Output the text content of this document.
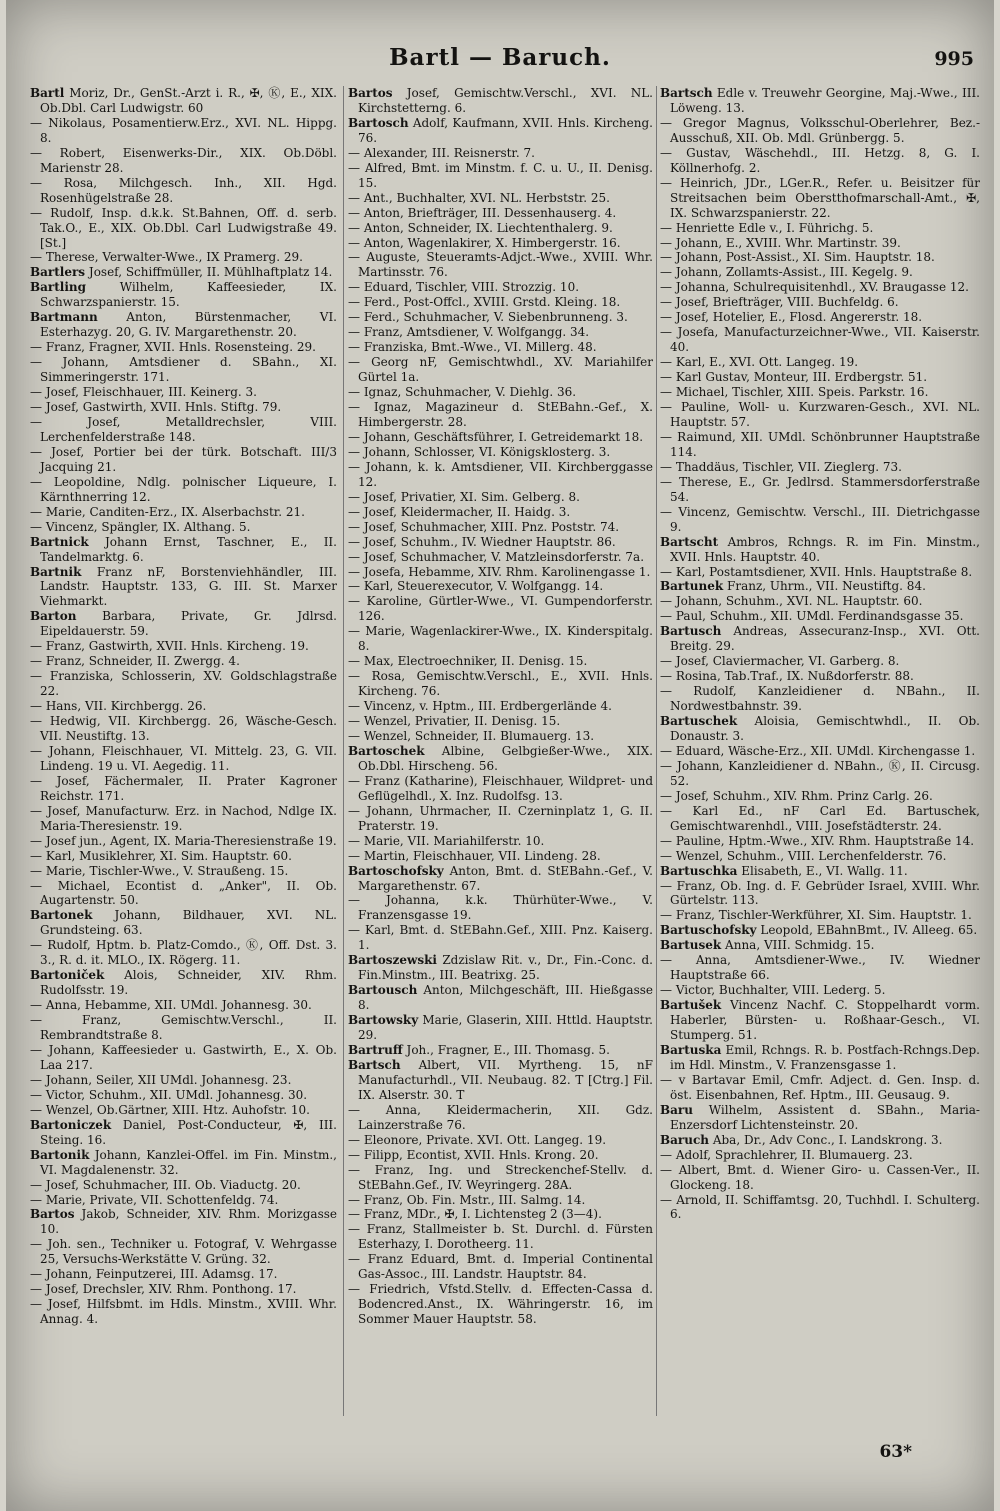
Bartl — Baruch.	995

Bartl Moriz, Dr., GenSt.-Arzt i. R., ✠, Ⓚ, E., XIX. Ob.Dbl. Carl Ludwigstr. 60

— Nikolaus, Posamentierw.Erz., XVI. NL. Hippg. 8.

— Robert, Eisenwerks-Dir., XIX. Ob.Döbl. Marienstr 28.

— Rosa, Milchgesch. Inh., XII. Hgd. Rosenhügelstraße 28.

— Rudolf, Insp. d.k.k. St.Bahnen, Off. d. serb. Tak.O., E., XIX. Ob.Dbl. Carl Ludwigstraße 49. [St.]

— Therese, Verwalter-Wwe., IX Pramerg. 29.

Bartlers Josef, Schiffmüller, II. Mühlhaftplatz 14.

Bartling	Wilhelm, Kaffeesieder, IX. Schwarzspanierstr. 15.

Bartmann Anton, Bürstenmacher, VI. Esterhazyg. 20, G. IV. Margarethenstr. 20.

— Franz, Fragner, XVII. Hnls. Rosensteing. 29.

— Johann, Amtsdiener d. SBahn., XI. Simmeringerstr. 171.

— Josef, Fleischhauer, III. Keinerg. 3.

— Josef, Gastwirth, XVII. Hnls. Stiftg. 79.

— Josef, Metalldrechsler, VIII. Lerchenfelderstraße 148.

— Josef, Portier bei der türk. Botschaft. III/3 Jacquing 21.

— Leopoldine, Ndlg. polnischer Liqueure, I. Kärnthnerring 12.

— Marie, Canditen-Erz., IX. Alserbachstr. 21.

— Vincenz, Spängler, IX. Althang. 5.

Bartnick Johann Ernst, Taschner, E., II. Tandelmarktg. 6.

Bartnik Franz nF, Borstenviehhändler, III. Landstr. Hauptstr. 133, G. III. St. Marxer Viehmarkt.

Barton Barbara, Private, Gr. Jdlrsd. Eipeldauerstr. 59.

— Franz, Gastwirth, XVII. Hnls. Kircheng. 19.

— Franz, Schneider, II. Zwergg. 4.

— Franziska, Schlosserin, XV. Goldschlagstraße 22.

— Hans, VII. Kirchbergg. 26.

— Hedwig, VII. Kirchbergg. 26, Wäsche-Gesch. VII. Neustiftg. 13.

— Johann, Fleischhauer, VI. Mittelg. 23, G. VII. Lindeng. 19 u. VI. Aegedig. 11.

— Josef, Fächermaler, II. Prater Kagroner Reichstr. 171.

— Josef, Manufacturw. Erz. in Nachod, Ndlge IX. Maria-Theresienstr. 19.

— Josef jun., Agent, IX. Maria-Theresienstraße 19.

— Karl, Musiklehrer, XI. Sim. Hauptstr. 60.

— Marie, Tischler-Wwe., V. Straußeng. 15.

— Michael, Econtist d. „Anker", II. Ob. Augartenstr. 50.

Bartonek Johann, Bildhauer, XVI. NL. Grundsteing. 63.

— Rudolf, Hptm. b. Platz-Comdo., Ⓚ, Off. Dst. 3. 3., R. d. it. MLO., IX. Rögerg. 11.

Bartoniček Alois, Schneider, XIV. Rhm. Rudolfsstr. 19.

— Anna, Hebamme, XII. UMdl. Johannesg. 30.

— Franz, Gemischtw.Verschl., II. Rembrandtstraße 8.

— Johann, Kaffeesieder u. Gastwirth, E., X. Ob. Laa 217.

— Johann, Seiler, XII UMdl. Johannesg. 23.

— Victor, Schuhm., XII. UMdl. Johannesg. 30.

— Wenzel, Ob.Gärtner, XIII. Htz. Auhofstr. 10.

Bartoniczek Daniel, Post-Conducteur, ✠, III. Steing. 16.

Bartonik Johann, Kanzlei-Offel. im Fin. Minstm., VI. Magdalenenstr. 32.

— Josef, Schuhmacher, III. Ob. Viaductg. 20.

— Marie, Private, VII. Schottenfeldg. 74.

Bartos Jakob, Schneider, XIV. Rhm. Morizgasse 10.

— Joh. sen., Techniker u. Fotograf, V. Wehrgasse 25, Versuchs-Werkstätte V. Grüng. 32.

— Johann, Feinputzerei, III. Adamsg. 17.

— Josef, Drechsler, XIV. Rhm. Ponthong. 17.

— Josef, Hilfsbmt. im Hdls. Minstm., XVIII. Whr. Annag. 4.

Bartos Josef, Gemischtw.Verschl., XVI. NL. Kirchstetterng. 6.

Bartosch Adolf, Kaufmann, XVII. Hnls. Kircheng. 76.

— Alexander, III. Reisnerstr. 7.

— Alfred, Bmt. im Minstm. f. C. u. U., II. Denisg. 15.

— Ant., Buchhalter, XVI. NL. Herbststr. 25.

— Anton, Briefträger, III. Dessenhauserg. 4.

— Anton, Schneider, IX. Liechtenthalerg. 9.

— Anton, Wagenlakirer, X. Himbergerstr. 16.

— Auguste, Steueramts-Adjct.-Wwe., XVIII. Whr. Martinsstr. 76.

— Eduard, Tischler, VIII. Strozzig. 10.

— Ferd., Post-Offcl., XVIII. Grstd. Kleing. 18.

— Ferd., Schuhmacher, V. Siebenbrunneng. 3.

— Franz, Amtsdiener, V. Wolfgangg. 34.

— Franziska, Bmt.-Wwe., VI. Millerg. 48.

— Georg nF, Gemischtwhdl., XV. Mariahilfer Gürtel 1a.

— Ignaz, Schuhmacher, V. Diehlg. 36.

— Ignaz, Magazineur d. StEBahn.-Gef., X. Himbergerstr. 28.

— Johann, Geschäftsführer, I. Getreidemarkt 18.

— Johann, Schlosser, VI. Königsklosterg. 3.

— Johann, k. k. Amtsdiener, VII. Kirchberggasse 12.

— Josef, Privatier, XI. Sim. Gelberg. 8.

— Josef, Kleidermacher, II. Haidg. 3.

— Josef, Schuhmacher, XIII. Pnz. Poststr. 74.

— Josef, Schuhm., IV. Wiedner Hauptstr. 86.

— Josef, Schuhmacher, V. Matzleinsdorferstr. 7a.

— Josefa, Hebamme, XIV. Rhm. Karolinengasse 1.

— Karl, Steuerexecutor, V. Wolfgangg. 14.

— Karoline, Gürtler-Wwe., VI. Gumpendorferstr. 126.

— Marie, Wagenlackirer-Wwe., IX. Kinderspitalg. 8.

— Max, Electroechniker, II. Denisg. 15.

— Rosa, Gemischtw.Verschl., E., XVII. Hnls. Kircheng. 76.

— Vincenz, v. Hptm., III. Erdbergerlände 4.

— Wenzel, Privatier, II. Denisg. 15.

— Wenzel, Schneider, II. Blumauerg. 13.

Bartoschek Albine, Gelbgießer-Wwe., XIX. Ob.Dbl. Hirscheng. 56.

— Franz (Katharine), Fleischhauer, Wildpret- und Geflügelhdl., X. Inz. Rudolfsg. 13.

— Johann, Uhrmacher, II. Czerninplatz 1, G. II. Praterstr. 19.

— Marie, VII. Mariahilferstr. 10.

— Martin, Fleischhauer, VII. Lindeng. 28.

Bartoschofsky Anton, Bmt. d. StEBahn.-Gef., V. Margarethenstr. 67.

— Johanna, k.k. Thürhüter-Wwe., V. Franzensgasse 19.

— Karl, Bmt. d. StEBahn.Gef., XIII. Pnz. Kaiserg. 1.

Bartoszewski Zdzislaw Rit. v., Dr., Fin.-Conc. d. Fin.Minstm., III. Beatrixg. 25.

Bartousch Anton, Milchgeschäft, III. Hießgasse 8.

Bartowsky Marie, Glaserin, XIII. Httld. Hauptstr. 29.

Bartruff Joh., Fragner, E., III. Thomasg. 5.

Bartsch Albert, VII. Myrtheng. 15, nF Manufacturhdl., VII. Neubaug. 82. T [Ctrg.] Fil. IX. Alserstr. 30. T

— Anna, Kleidermacherin, XII. Gdz. Lainzerstraße 76.

— Eleonore, Private. XVI. Ott. Langeg. 19.

— Filipp, Econtist, XVII. Hnls. Krong. 20.

— Franz, Ing. und Streckenchef-Stellv. d. StEBahn.Gef., IV. Weyringerg. 28A.

— Franz, Ob. Fin. Mstr., III. Salmg. 14.

— Franz, MDr., ✠, I. Lichtensteg 2 (3—4).

— Franz, Stallmeister b. St. Durchl. d. Fürsten Esterhazy, I. Dorotheerg. 11.

— Franz Eduard, Bmt. d. Imperial Continental Gas-Assoc., III. Landstr. Hauptstr. 84.

— Friedrich, Vfstd.Stellv. d. Effecten-Cassa d. Bodencred.Anst., IX. Währingerstr. 16, im Sommer Mauer Hauptstr. 58.

Bartsch Edle v. Treuwehr Georgine, Maj.-Wwe., III. Löweng. 13.

— Gregor Magnus, Volksschul-Oberlehrer, Bez.-Ausschuß, XII. Ob. Mdl. Grünbergg. 5.

— Gustav, Wäschehdl., III. Hetzg. 8, G. I. Köllnerhofg. 2.

— Heinrich, JDr., LGer.R., Refer. u. Beisitzer für Streitsachen beim Oberstthofmarschall-Amt., ✠, IX. Schwarzspanierstr. 22.

— Henriette Edle v., I. Führichg. 5.

— Johann, E., XVIII. Whr. Martinstr. 39.

— Johann, Post-Assist., XI. Sim. Hauptstr. 18.

— Johann, Zollamts-Assist., III. Kegelg. 9.

— Johanna, Schulrequisitenhdl., XV. Braugasse 12.

— Josef, Briefträger, VIII. Buchfeldg. 6.

— Josef, Hotelier, E., Flosd. Angererstr. 18.

— Josefa, Manufacturzeichner-Wwe., VII. Kaiserstr. 40.

— Karl, E., XVI. Ott. Langeg. 19.

— Karl Gustav, Monteur, III. Erdbergstr. 51.

— Michael, Tischler, XIII. Speis. Parkstr. 16.

— Pauline, Woll- u. Kurzwaren-Gesch., XVI. NL. Hauptstr. 57.

— Raimund, XII. UMdl. Schönbrunner Hauptstraße 114.

— Thaddäus, Tischler, VII. Zieglerg. 73.

— Therese, E., Gr. Jedlrsd. Stammersdorferstraße 54.

— Vincenz, Gemischtw. Verschl., III. Dietrichgasse 9.

Bartscht Ambros, Rchngs. R. im Fin. Minstm., XVII. Hnls. Hauptstr. 40.

— Karl, Postamtsdiener, XVII. Hnls. Hauptstraße 8.

Bartunek Franz, Uhrm., VII. Neustiftg. 84.

— Johann, Schuhm., XVI. NL. Hauptstr. 60.

— Paul, Schuhm., XII. UMdl. Ferdinandsgasse 35.

Bartusch Andreas, Assecuranz-Insp., XVI. Ott. Breitg. 29.

— Josef, Claviermacher, VI. Garberg. 8.

— Rosina, Tab.Traf., IX. Nußdorferstr. 88.

— Rudolf, Kanzleidiener d. NBahn., II. Nordwestbahnstr. 39.

Bartuschek Aloisia, Gemischtwhdl., II. Ob. Donaustr. 3.

— Eduard, Wäsche-Erz., XII. UMdl. Kirchengasse 1.

— Johann, Kanzleidiener d. NBahn., Ⓚ, II. Circusg. 52.

— Josef, Schuhm., XIV. Rhm. Prinz Carlg. 26.

— Karl Ed., nF Carl Ed. Bartuschek, Gemischtwarenhdl., VIII. Josefstädterstr. 24.

— Pauline, Hptm.-Wwe., XIV. Rhm. Hauptstraße 14.

— Wenzel, Schuhm., VIII. Lerchenfelderstr. 76.

Bartuschka Elisabeth, E., VI. Wallg. 11.

— Franz, Ob. Ing. d. F. Gebrüder Israel, XVIII. Whr. Gürtelstr. 113.

— Franz, Tischler-Werkführer, XI. Sim. Hauptstr. 1.

Bartuschofsky Leopold, EBahnBmt., IV. Alleeg. 65.

Bartusek Anna, VIII. Schmidg. 15.

— Anna, Amtsdiener-Wwe., IV. Wiedner Hauptstraße 66.

— Victor, Buchhalter, VIII. Lederg. 5.

Bartušek Vincenz Nachf. C. Stoppelhardt vorm. Haberler, Bürsten- u. Roßhaar-Gesch., VI. Stumperg. 51.

Bartuska Emil, Rchngs. R. b. Postfach-Rchngs.Dep. im Hdl. Minstm., V. Franzensgasse 1.

— v Bartavar Emil, Cmfr. Adject. d. Gen. Insp. d. öst. Eisenbahnen, Ref. Hptm., III. Geusaug. 9.

Baru Wilhelm, Assistent d. SBahn., Maria-Enzersdorf Lichtensteinstr. 20.

Baruch Aba, Dr., Adv Conc., I. Landskrong. 3.

— Adolf, Sprachlehrer, II. Blumauerg. 23.

— Albert, Bmt. d. Wiener Giro- u. Cassen-Ver., II. Glockeng. 18.

— Arnold, II. Schiffamtsg. 20, Tuchhdl. I. Schulterg. 6.

63*
